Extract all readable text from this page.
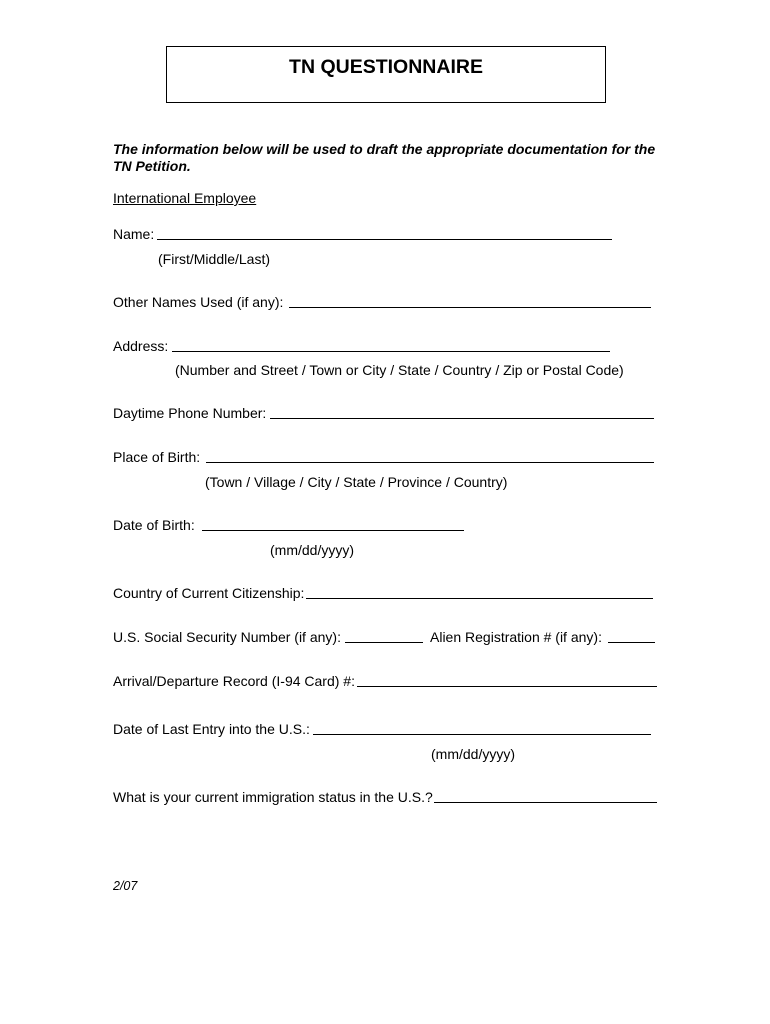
TN QUESTIONNAIRE
The information below will be used to draft the appropriate documentation for the TN Petition.
International Employee
Name:
(First/Middle/Last)
Other Names Used (if any):
Address:
(Number and Street / Town or City / State / Country / Zip or Postal Code)
Daytime Phone Number:
Place of Birth:
(Town / Village / City / State / Province / Country)
Date of Birth:
(mm/dd/yyyy)
Country of Current Citizenship:
U.S. Social Security Number (if any):	Alien Registration # (if any):
Arrival/Departure Record (I-94 Card) #:
Date of Last Entry into the U.S.:
(mm/dd/yyyy)
What is your current immigration status in the U.S.?
2/07
